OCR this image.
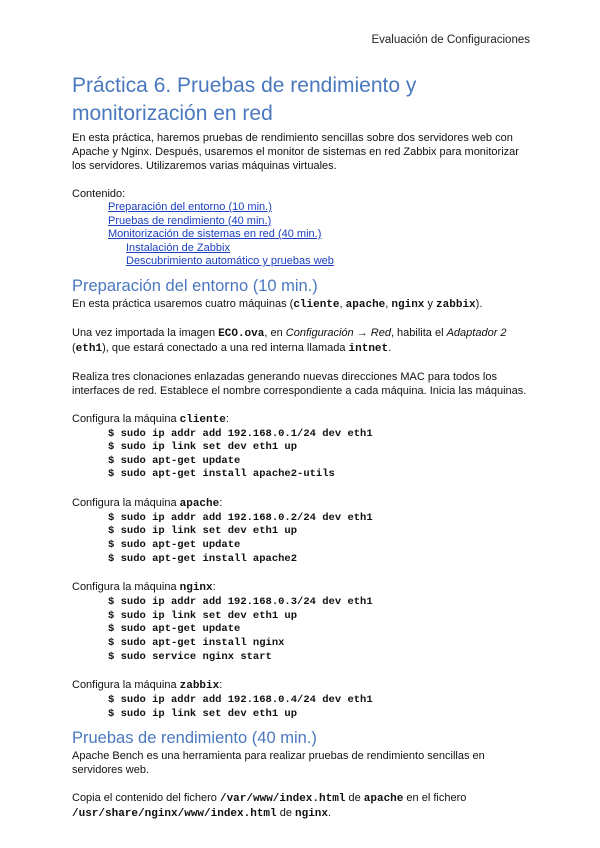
Evaluación de Configuraciones
Práctica 6. Pruebas de rendimiento y monitorización en red

En esta práctica, haremos pruebas de rendimiento sencillas sobre dos servidores web con Apache y Nginx. Después, usaremos el monitor de sistemas en red Zabbix para monitorizar los servidores. Utilizaremos varias máquinas virtuales.

Contenido:
Preparación del entorno (10 min.)
Pruebas de rendimiento (40 min.)
Monitorización de sistemas en red (40 min.)
Instalación de Zabbix
Descubrimiento automático y pruebas web
Preparación del entorno (10 min.)

En esta práctica usaremos cuatro máquinas (cliente, apache, nginx y zabbix).

Una vez importada la imagen ECO.ova, en Configuración → Red, habilita el Adaptador 2 (eth1), que estará conectado a una red interna llamada intnet.

Realiza tres clonaciones enlazadas generando nuevas direcciones MAC para todos los interfaces de red. Establece el nombre correspondiente a cada máquina. Inicia las máquinas.

Configura la máquina cliente:

$ sudo ip addr add 192.168.0.1/24 dev eth1
$ sudo ip link set dev eth1 up
$ sudo apt-get update
$ sudo apt-get install apache2-utils

Configura la máquina apache:

$ sudo ip addr add 192.168.0.2/24 dev eth1
$ sudo ip link set dev eth1 up
$ sudo apt-get update
$ sudo apt-get install apache2

Configura la máquina nginx:

$ sudo ip addr add 192.168.0.3/24 dev eth1
$ sudo ip link set dev eth1 up
$ sudo apt-get update
$ sudo apt-get install nginx
$ sudo service nginx start

Configura la máquina zabbix:

$ sudo ip addr add 192.168.0.4/24 dev eth1
$ sudo ip link set dev eth1 up
Pruebas de rendimiento (40 min.)

Apache Bench es una herramienta para realizar pruebas de rendimiento sencillas en servidores web.

Copia el contenido del fichero /var/www/index.html de apache en el fichero /usr/share/nginx/www/index.html de nginx.
